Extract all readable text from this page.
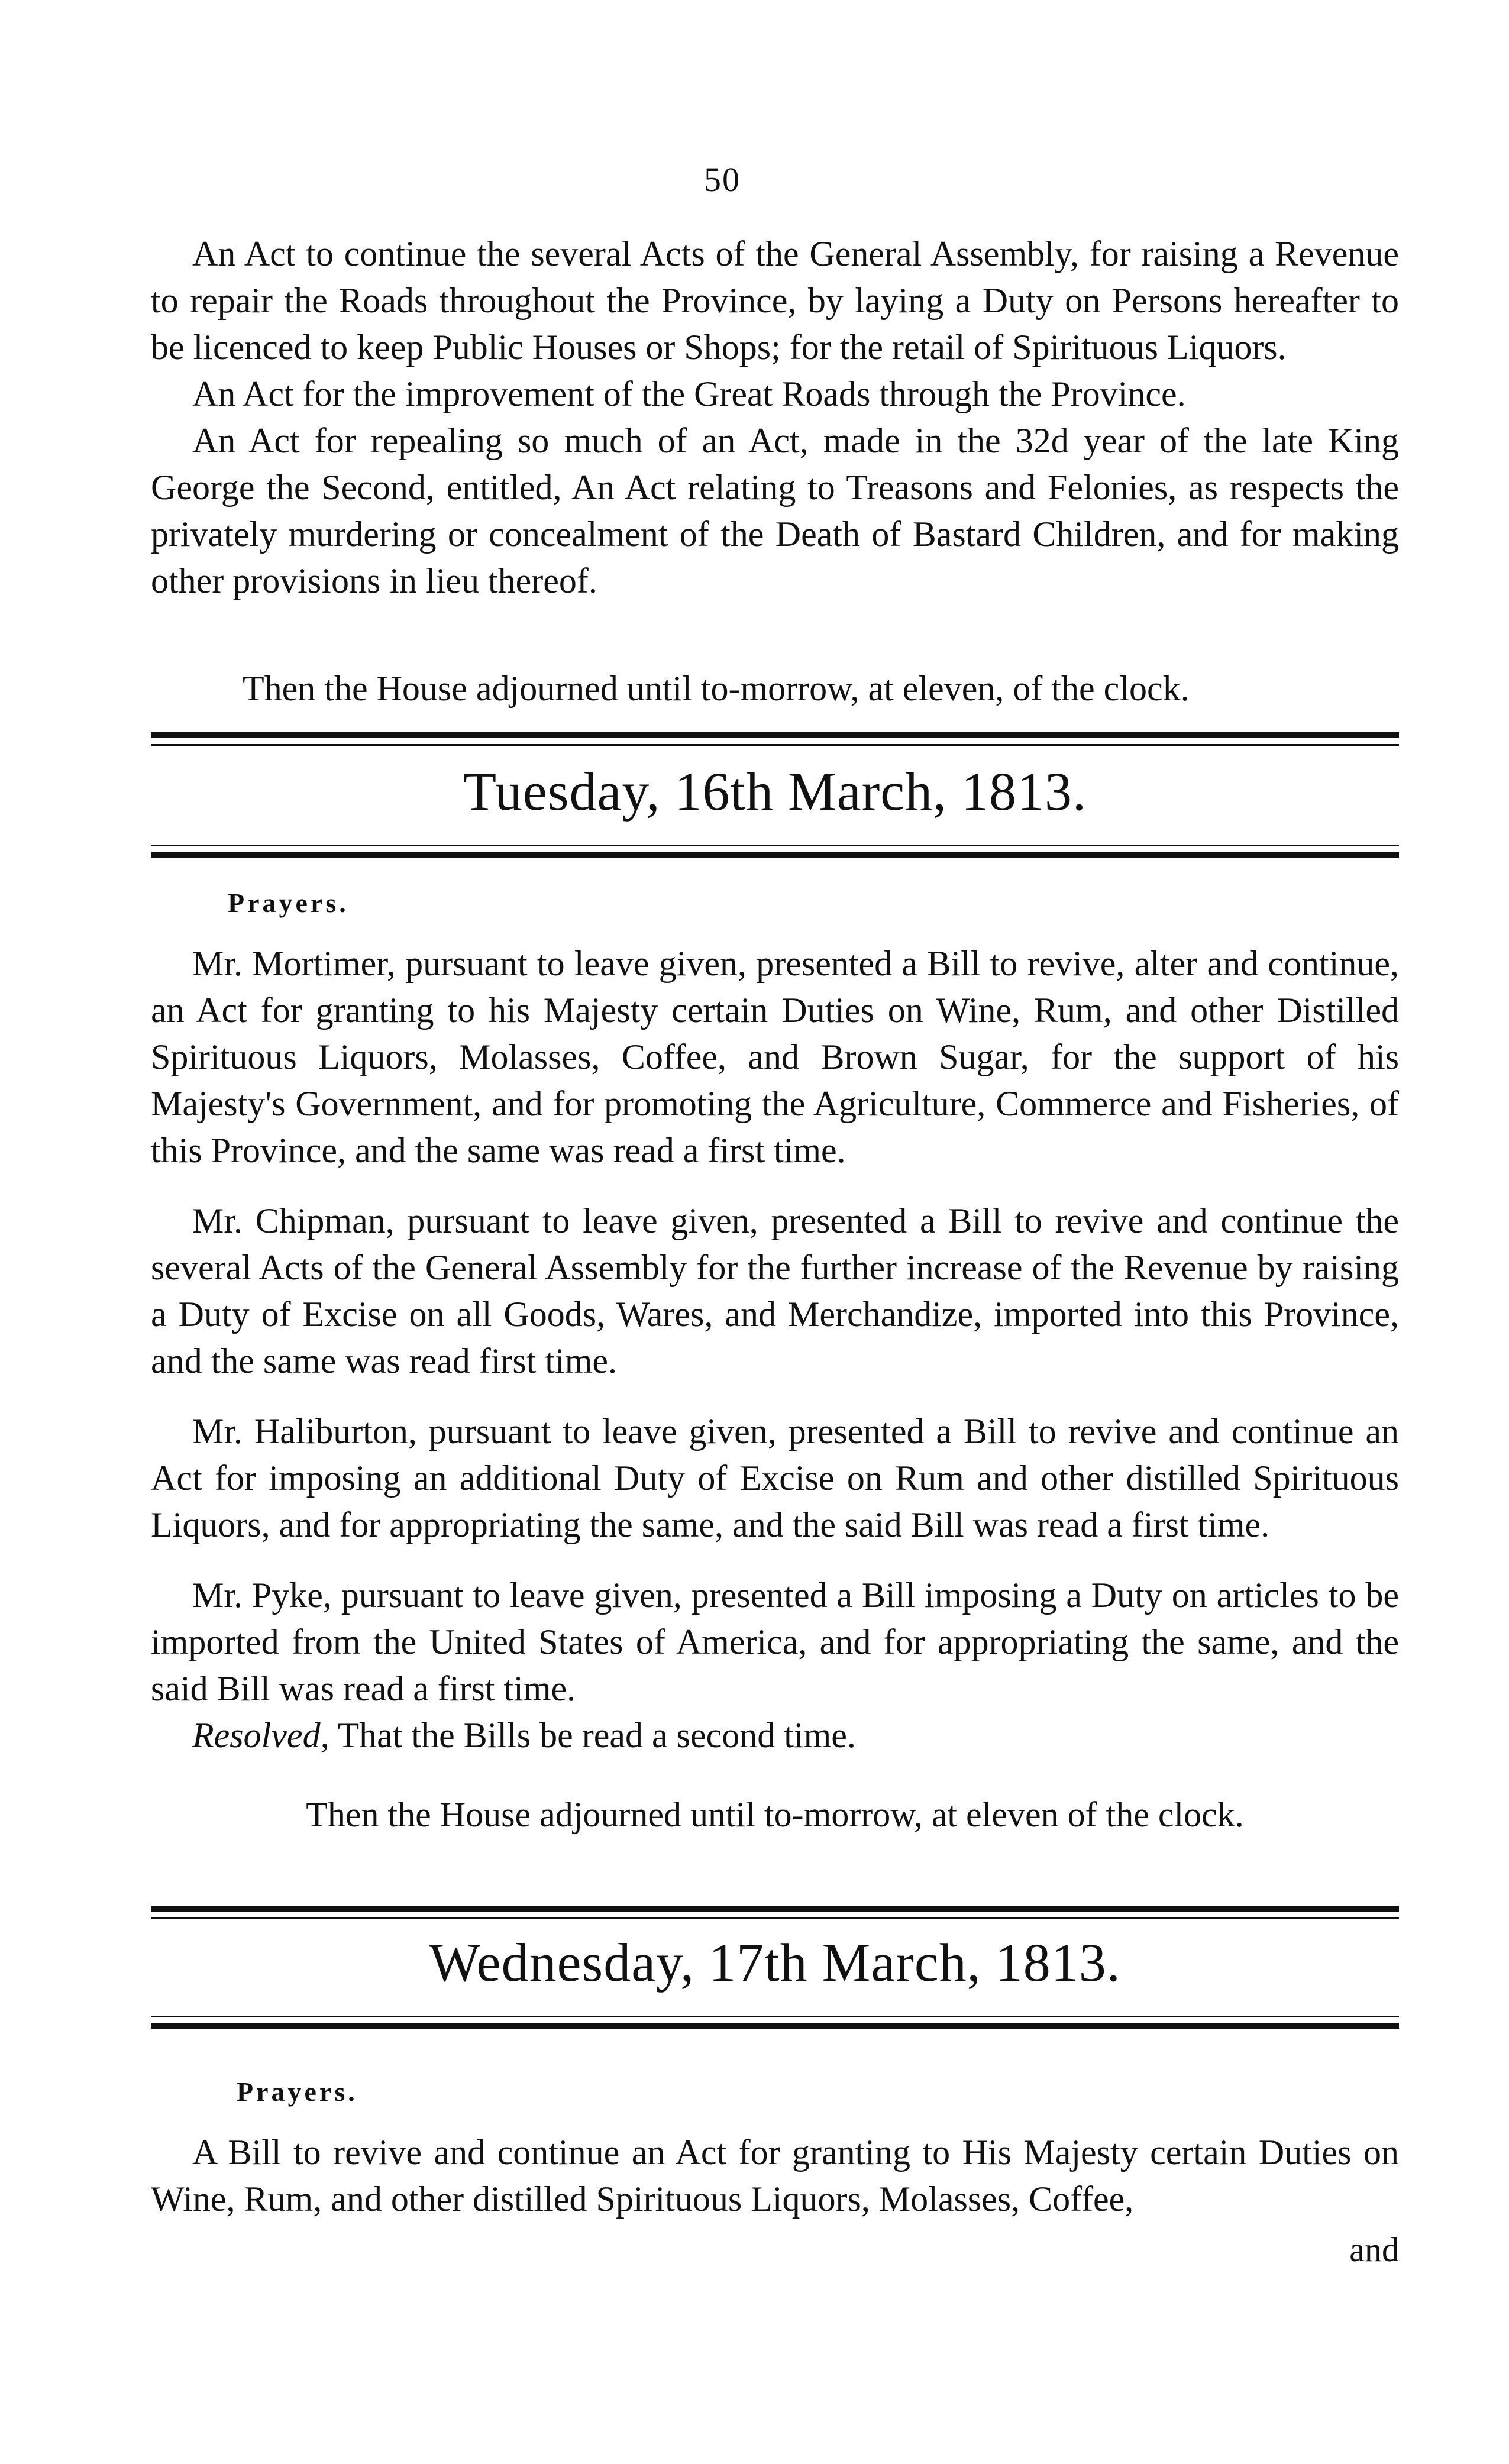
50

An Act to continue the several Acts of the General Assembly, for raising a Revenue to repair the Roads throughout the Province, by laying a Duty on Persons hereafter to be licenced to keep Public Houses or Shops; for the retail of Spirituous Liquors.

An Act for the improvement of the Great Roads through the Province.

An Act for repealing so much of an Act, made in the 32d year of the late King George the Second, entitled, An Act relating to Treasons and Felonies, as respects the privately murdering or concealment of the Death of Bastard Children, and for making other provisions in lieu thereof.

Then the House adjourned until to-morrow, at eleven, of the clock.

Tuesday, 16th March, 1813.
Prayers.

Mr. Mortimer, pursuant to leave given, presented a Bill to revive, alter and continue, an Act for granting to his Majesty certain Duties on Wine, Rum, and other Distilled Spirituous Liquors, Molasses, Coffee, and Brown Sugar, for the support of his Majesty's Government, and for promoting the Agriculture, Commerce and Fisheries, of this Province, and the same was read a first time.

Mr. Chipman, pursuant to leave given, presented a Bill to revive and continue the several Acts of the General Assembly for the further increase of the Revenue by raising a Duty of Excise on all Goods, Wares, and Merchandize, imported into this Province, and the same was read first time.

Mr. Haliburton, pursuant to leave given, presented a Bill to revive and continue an Act for imposing an additional Duty of Excise on Rum and other distilled Spirituous Liquors, and for appropriating the same, and the said Bill was read a first time.

Mr. Pyke, pursuant to leave given, presented a Bill imposing a Duty on articles to be imported from the United States of America, and for appropriating the same, and the said Bill was read a first time.

Resolved, That the Bills be read a second time.

Then the House adjourned until to-morrow, at eleven of the clock.

Wednesday, 17th March, 1813.
Prayers.

A Bill to revive and continue an Act for granting to His Majesty certain Duties on Wine, Rum, and other distilled Spirituous Liquors, Molasses, Coffee,

and
